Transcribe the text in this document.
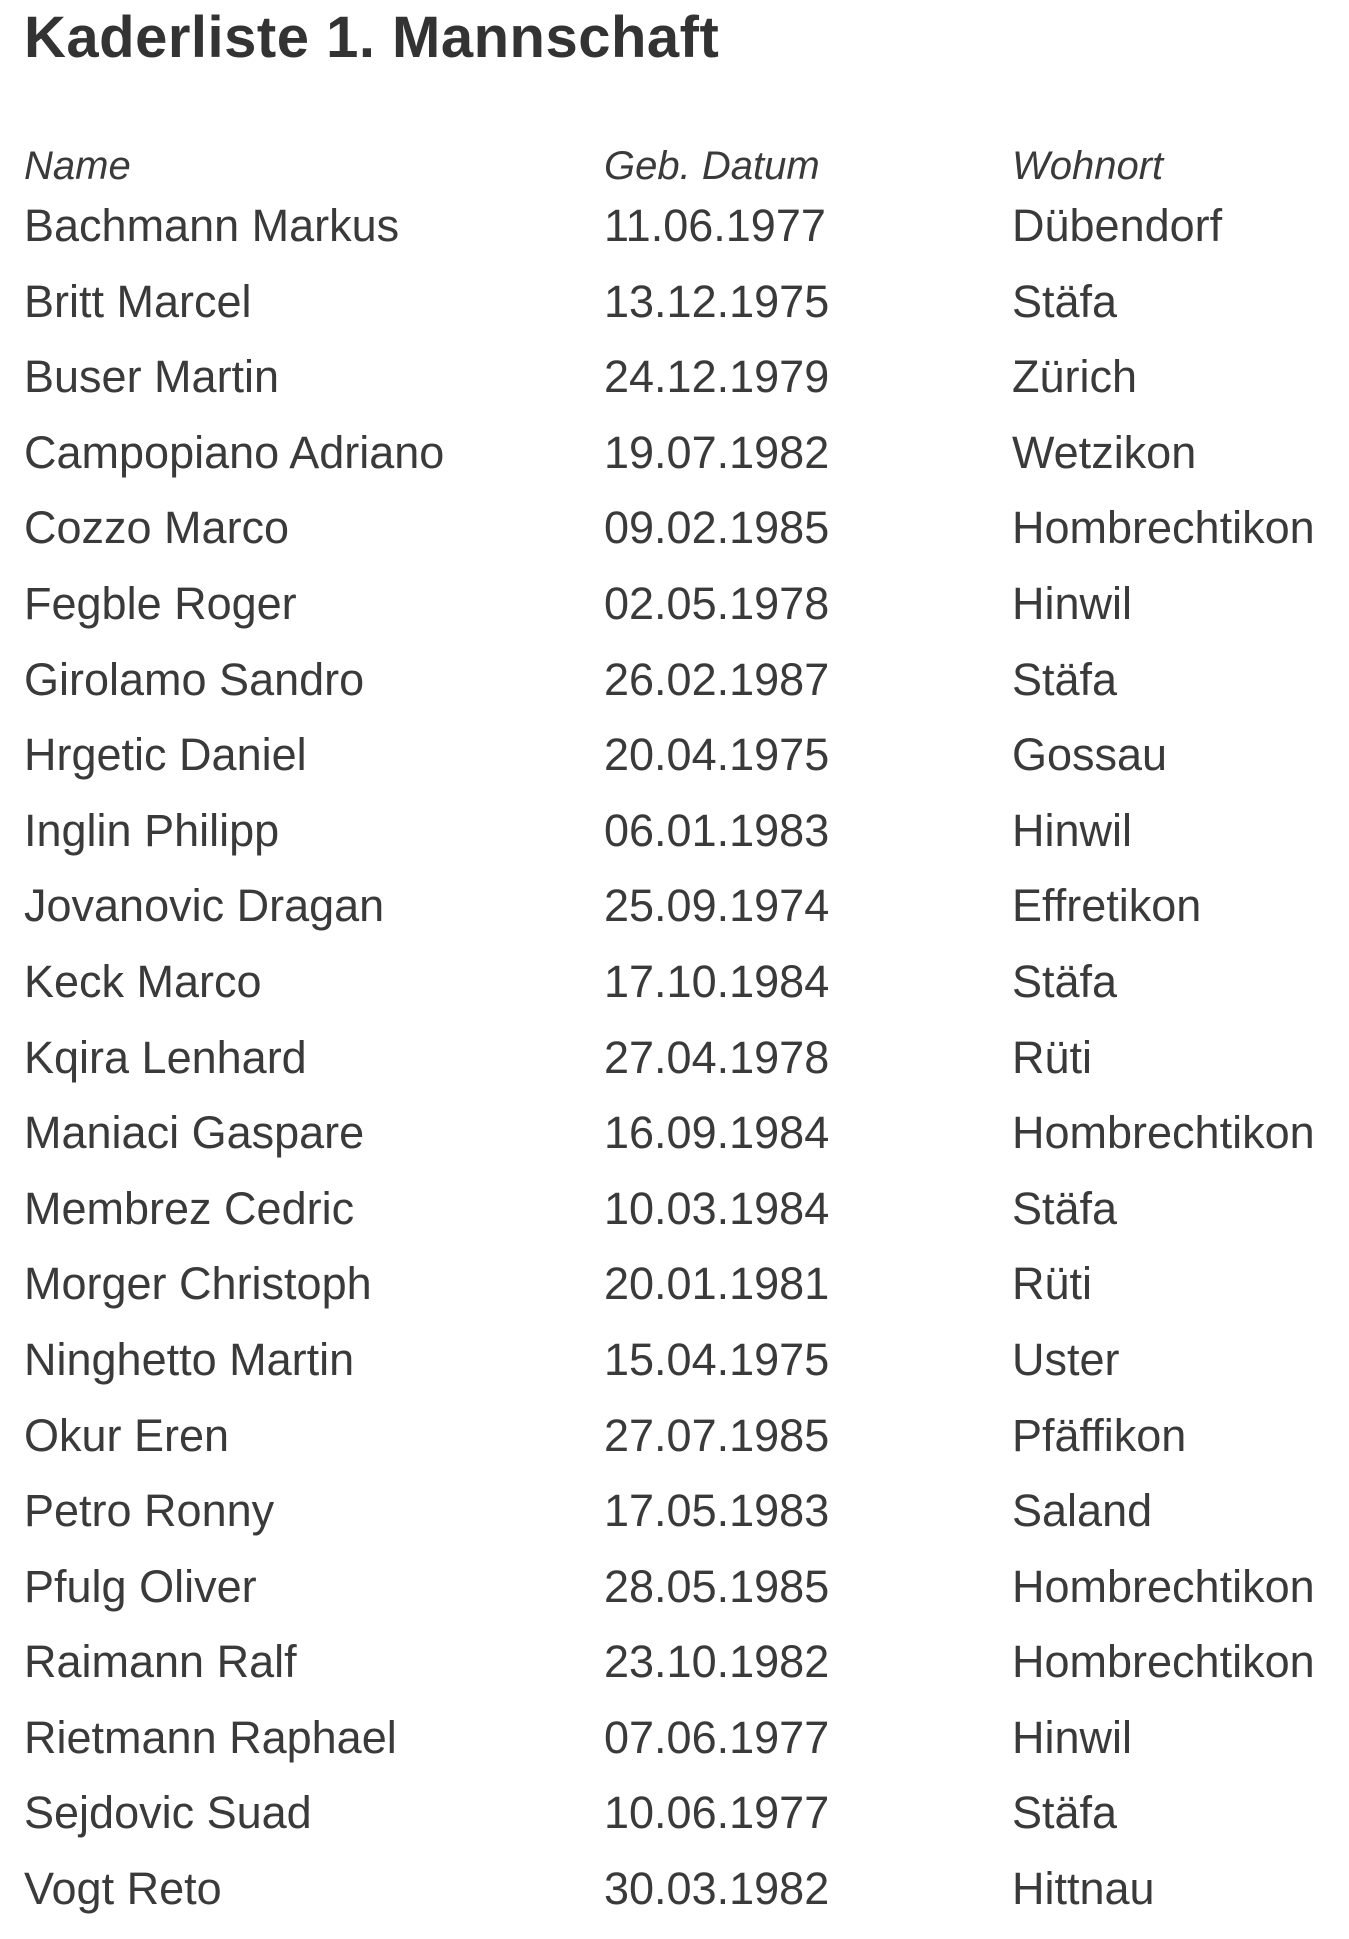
Kaderliste 1. Mannschaft
Name	Geb. Datum	Wohnort
Bachmann Markus	11.06.1977	Dübendorf
Britt Marcel	13.12.1975	Stäfa
Buser Martin	24.12.1979	Zürich
Campopiano Adriano	19.07.1982	Wetzikon
Cozzo Marco	09.02.1985	Hombrechtikon
Fegble Roger	02.05.1978	Hinwil
Girolamo Sandro	26.02.1987	Stäfa
Hrgetic Daniel	20.04.1975	Gossau
Inglin Philipp	06.01.1983	Hinwil
Jovanovic Dragan	25.09.1974	Effretikon
Keck Marco	17.10.1984	Stäfa
Kqira Lenhard	27.04.1978	Rüti
Maniaci Gaspare	16.09.1984	Hombrechtikon
Membrez Cedric	10.03.1984	Stäfa
Morger Christoph	20.01.1981	Rüti
Ninghetto Martin	15.04.1975	Uster
Okur Eren	27.07.1985	Pfäffikon
Petro Ronny	17.05.1983	Saland
Pfulg Oliver	28.05.1985	Hombrechtikon
Raimann Ralf	23.10.1982	Hombrechtikon
Rietmann Raphael	07.06.1977	Hinwil
Sejdovic Suad	10.06.1977	Stäfa
Vogt Reto	30.03.1982	Hittnau
